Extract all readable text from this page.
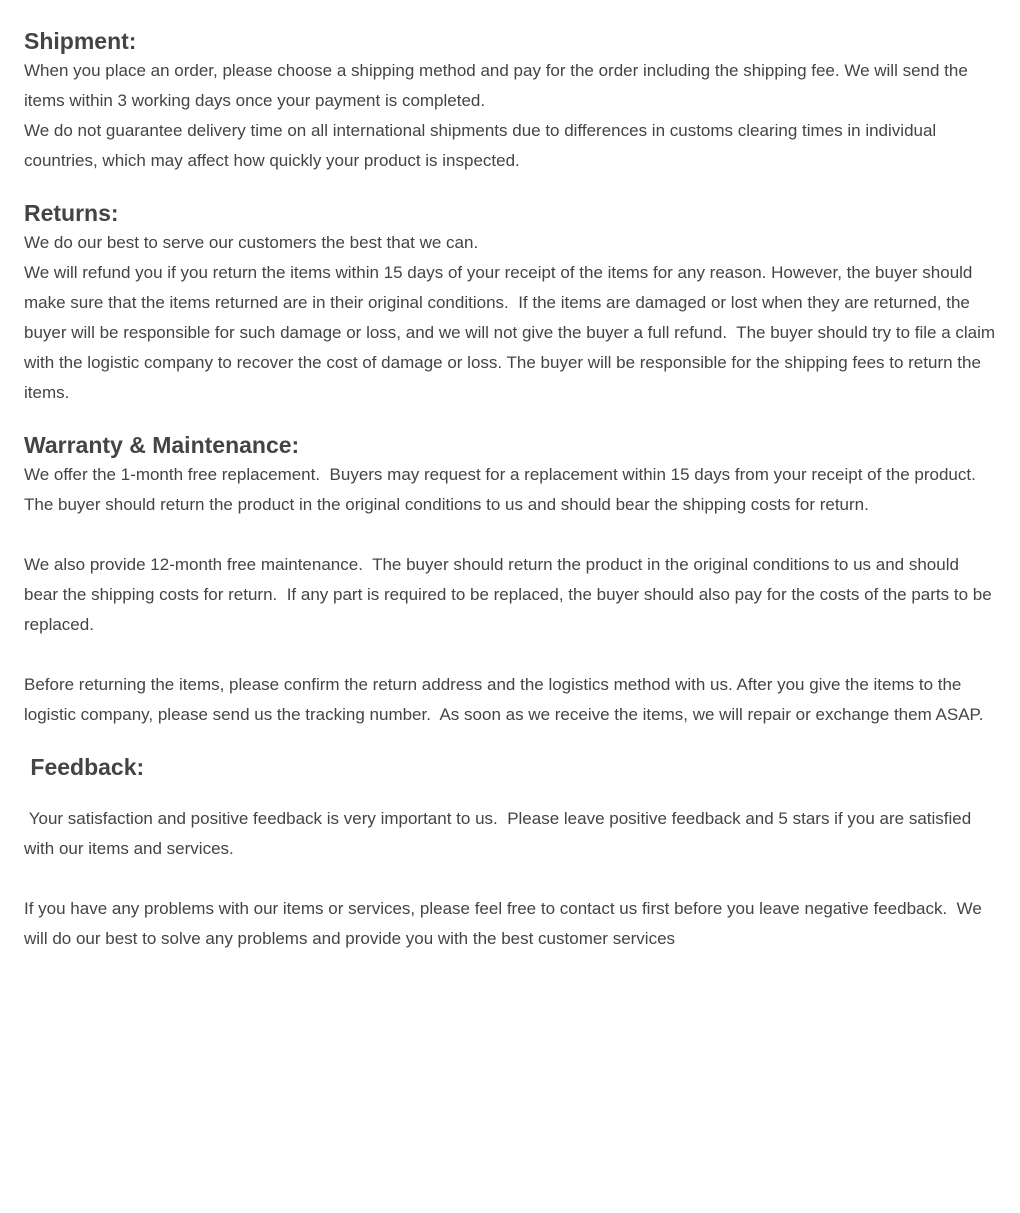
Shipment:

When you place an order, please choose a shipping method and pay for the order including the shipping fee. We will send the items within 3 working days once your payment is completed.

We do not guarantee delivery time on all international shipments due to differences in customs clearing times in individual countries, which may affect how quickly your product is inspected.

Returns:

We do our best to serve our customers the best that we can.

We will refund you if you return the items within 15 days of your receipt of the items for any reason. However, the buyer should make sure that the items returned are in their original conditions.  If the items are damaged or lost when they are returned, the buyer will be responsible for such damage or loss, and we will not give the buyer a full refund.  The buyer should try to file a claim with the logistic company to recover the cost of damage or loss. The buyer will be responsible for the shipping fees to return the items.

Warranty & Maintenance:

We offer the 1-month free replacement.  Buyers may request for a replacement within 15 days from your receipt of the product. The buyer should return the product in the original conditions to us and should bear the shipping costs for return.

We also provide 12-month free maintenance.  The buyer should return the product in the original conditions to us and should bear the shipping costs for return.  If any part is required to be replaced, the buyer should also pay for the costs of the parts to be replaced.

Before returning the items, please confirm the return address and the logistics method with us. After you give the items to the logistic company, please send us the tracking number.  As soon as we receive the items, we will repair or exchange them ASAP.

Feedback:

Your satisfaction and positive feedback is very important to us.  Please leave positive feedback and 5 stars if you are satisfied with our items and services.

If you have any problems with our items or services, please feel free to contact us first before you leave negative feedback.  We will do our best to solve any problems and provide you with the best customer services
